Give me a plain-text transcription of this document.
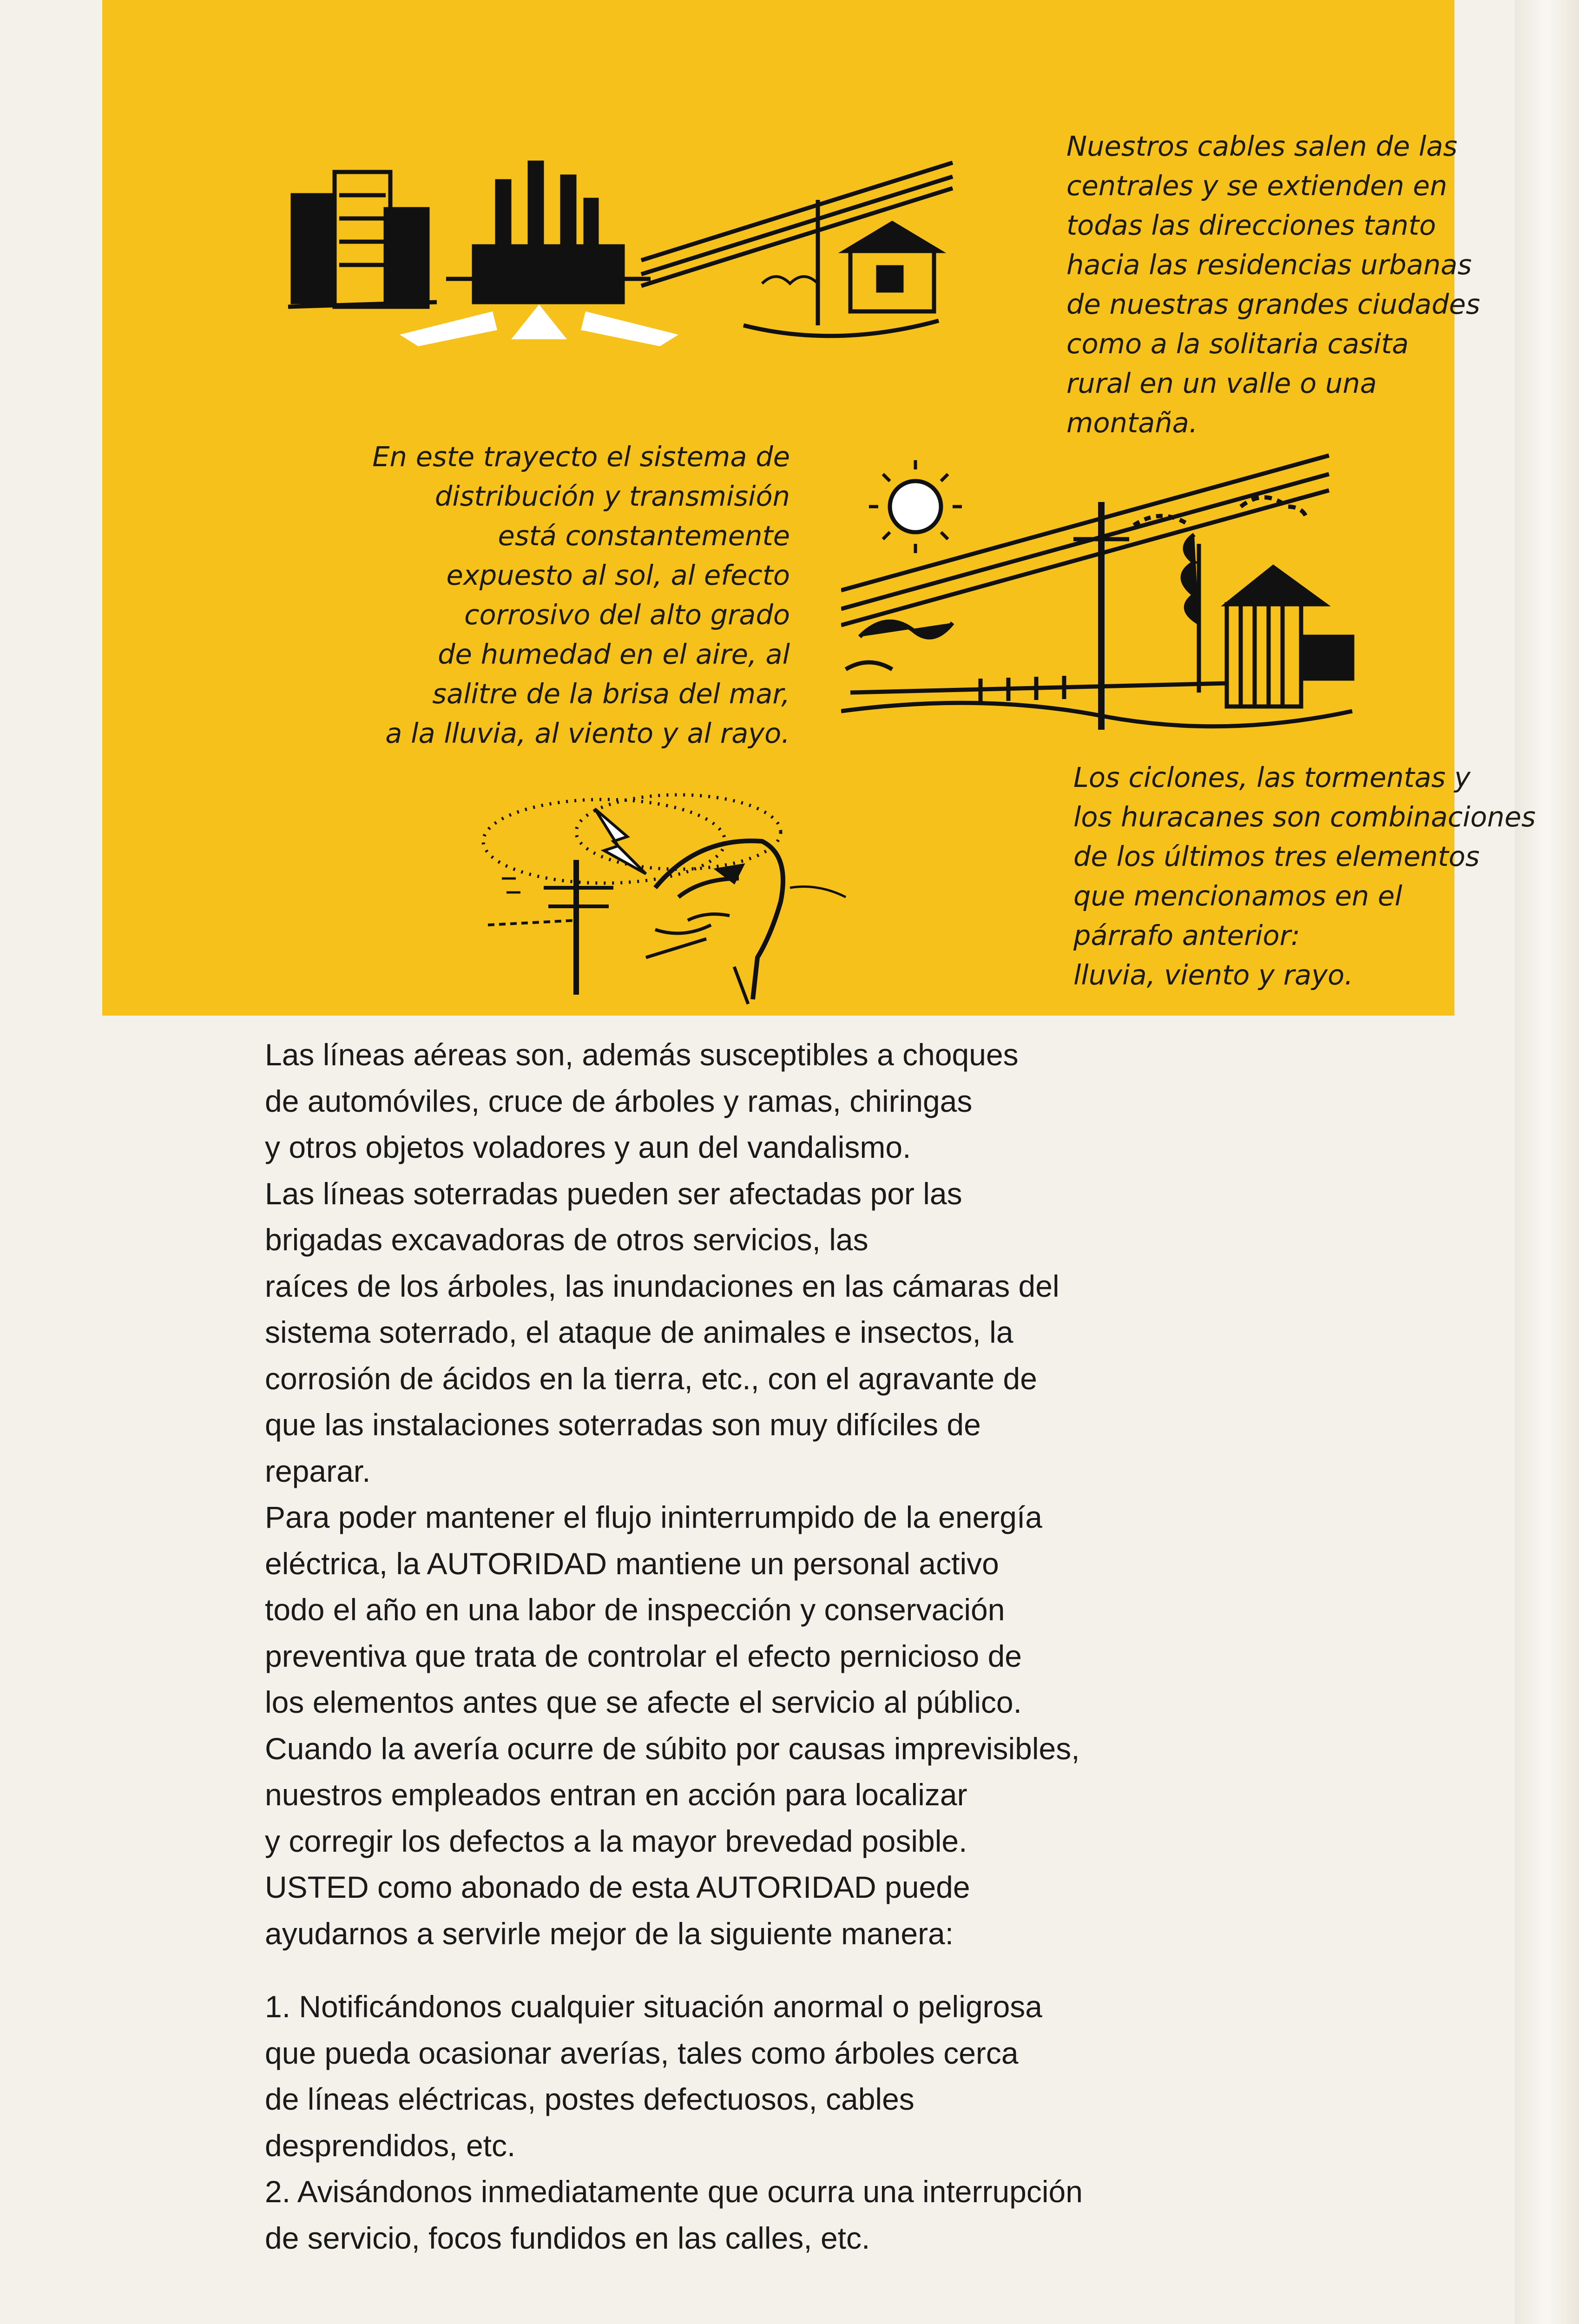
Nuestros cables salen de las
centrales y se extienden en
todas las direcciones tanto
hacia las residencias urbanas
de nuestras grandes ciudades
como a la solitaria casita
rural en un valle o una
montaña.

En este trayecto el sistema de
distribución y transmisión
está constantemente
expuesto al sol, al efecto
corrosivo del alto grado
de humedad en el aire, al
salitre de la brisa del mar,
a la lluvia, al viento y al rayo.

Los ciclones, las tormentas y
los huracanes son combinaciones
de los últimos tres elementos
que mencionamos en el
párrafo anterior:
lluvia, viento y rayo.

Las líneas aéreas son, además susceptibles a choques
de automóviles, cruce de árboles y ramas, chiringas
y otros objetos voladores y aun del vandalismo.

Las líneas soterradas pueden ser afectadas por las
brigadas excavadoras de otros servicios, las
raíces de los árboles, las inundaciones en las cámaras del
sistema soterrado, el ataque de animales e insectos, la
corrosión de ácidos en la tierra, etc., con el agravante de
que las instalaciones soterradas son muy difíciles de
reparar.

Para poder mantener el flujo ininterrumpido de la energía
eléctrica, la AUTORIDAD mantiene un personal activo
todo el año en una labor de inspección y conservación
preventiva que trata de controlar el efecto pernicioso de
los elementos antes que se afecte el servicio al público.

Cuando la avería ocurre de súbito por causas imprevisibles,
nuestros empleados entran en acción para localizar
y corregir los defectos a la mayor brevedad posible.

USTED como abonado de esta AUTORIDAD puede
ayudarnos a servirle mejor de la siguiente manera:

1. Notificándonos cualquier situación anormal o peligrosa
que pueda ocasionar averías, tales como árboles cerca
de líneas eléctricas, postes defectuosos, cables
desprendidos, etc.

2. Avisándonos inmediatamente que ocurra una interrupción
de servicio, focos fundidos en las calles, etc.
